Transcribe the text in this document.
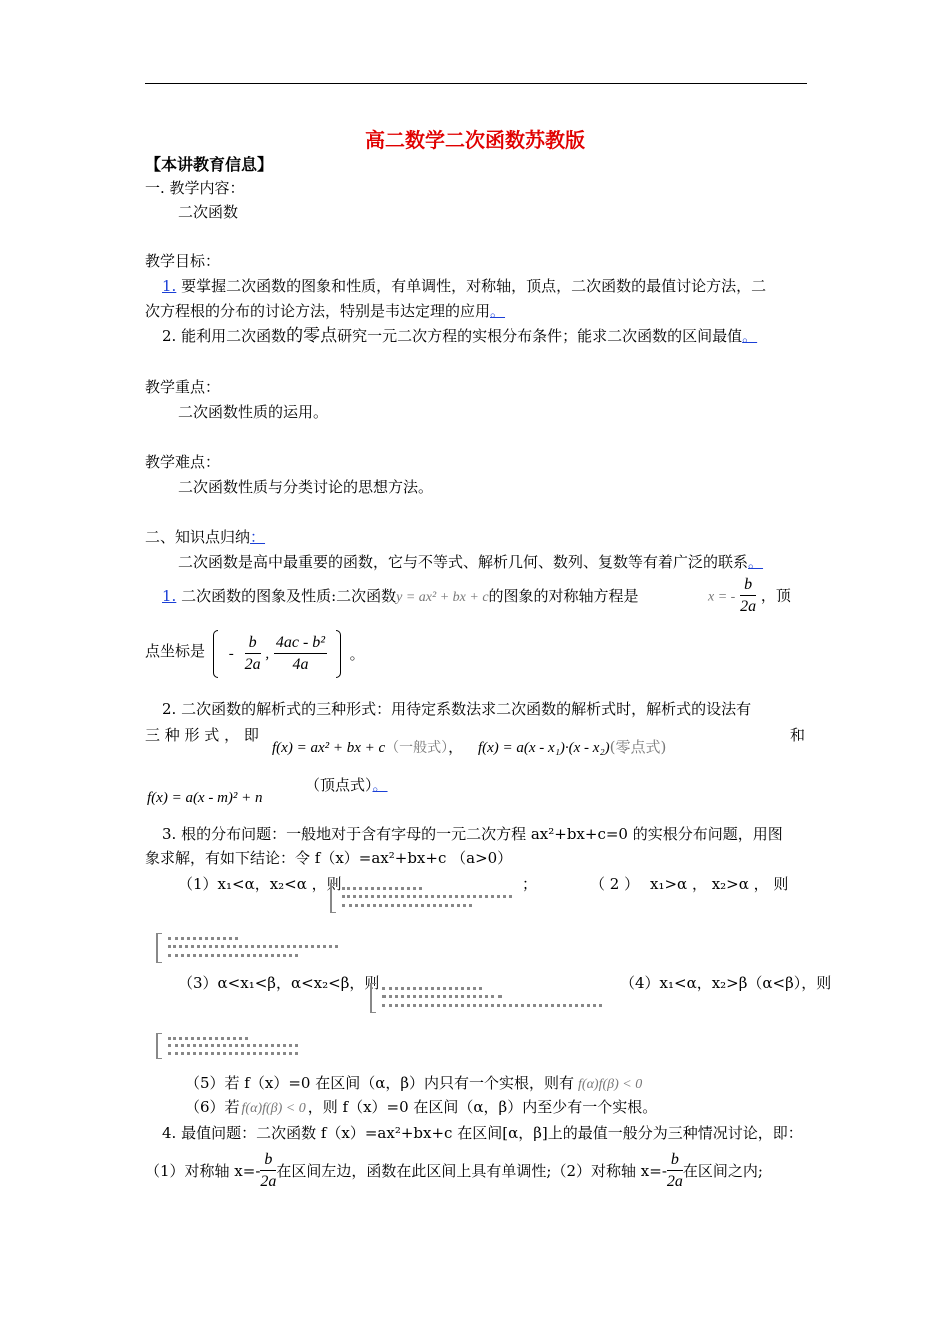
高二数学二次函数苏教版
【本讲教育信息】
一. 教学内容：
二次函数
教学目标：
1. 要掌握二次函数的图象和性质，有单调性，对称轴，顶点，二次函数的最值讨论方法，二
次方程根的分布的讨论方法，特别是韦达定理的应用。
2. 能利用二次函数的零点研究一元二次方程的实根分布条件；能求二次函数的区间最值。
教学重点：
二次函数性质的运用。
教学难点：
二次函数性质与分类讨论的思想方法。
二、知识点归纳：
二次函数是高中最重要的函数，它与不等式、解析几何、数列、复数等有着广泛的联系。
1. 二次函数的图象及性质:二次函数y = ax² + bx + c的图象的对称轴方程是	x = - $\frac{b}{2a}$ ，顶
点坐标是	- $\frac{b}{2a}$ , $\frac{\text{4ac - b²}}{4a}$ 。
2. 二次函数的解析式的三种形式：用待定系数法求二次函数的解析式时，解析式的设法有
三 种 形 式 ， 即
f(x) = ax² + bx + c（一般式）， f(x) = a(x - x₁)·(x - x₂)(零点式)
和
f(x) = a(x - m)² + n
（顶点式）。
3. 根的分布问题：一般地对于含有字母的一元二次方程 ax²+bx+c=0 的实根分布问题，用图
象求解，有如下结论：令 f（x）=ax²+bx+c （a>0）
（1）x₁<α，x₂<α ，则	；	（ 2 ） x₁>α ， x₂>α ， 则
（3）α<x₁<β，α<x₂<β，则	（4）x₁<α，x₂>β（α<β），则
（5）若 f（x）=0 在区间（α，β）内只有一个实根，则有 f(α)f(β) < 0
（6）若 f(α)f(β) < 0 ，则 f（x）=0 在区间（α，β）内至少有一个实根。
4. 最值问题：二次函数 f（x）=ax²+bx+c 在区间[α，β]上的最值一般分为三种情况讨论，即：
（1）对称轴 $x=- \frac{b}{2a}$ 在区间左边，函数在此区间上具有单调性;（2）对称轴 $x=- \frac{b}{2a}$ 在区间之内;
